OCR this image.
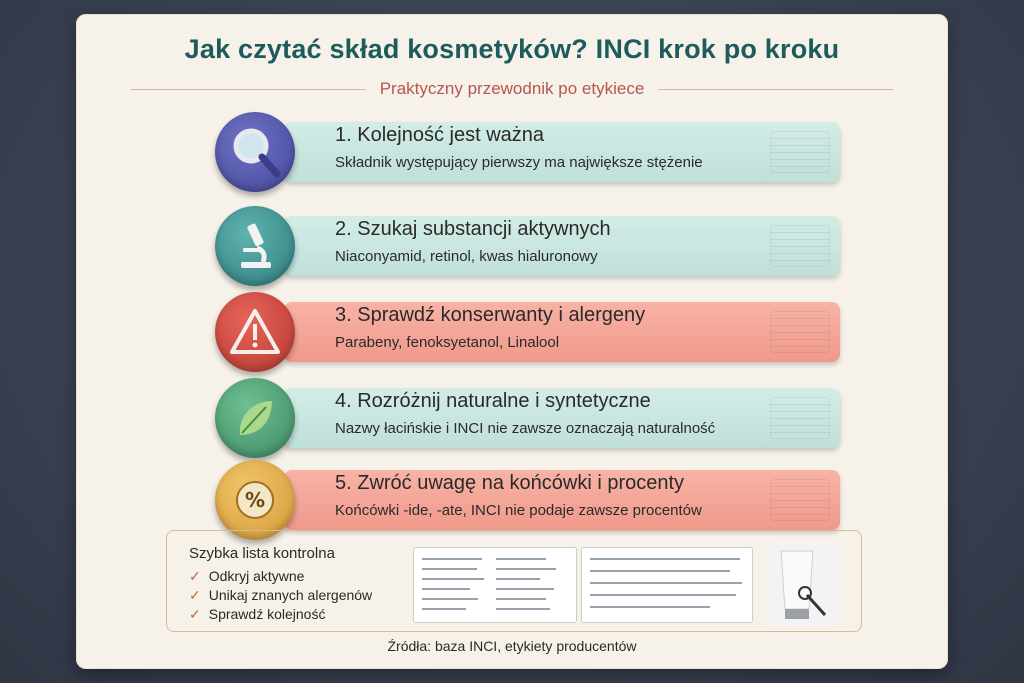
Jak czytać skład kosmetyków? INCI krok po kroku
Praktyczny przewodnik po etykiece
1. Kolejność jest ważna
Składnik występujący pierwszy ma największe stężenie
2. Szukaj substancji aktywnych
Niaconyamid, retinol, kwas hialuronowy
3. Sprawdź konserwanty i alergeny
Parabeny, fenoksyetanol, Linalool
4. Rozróżnij naturalne i syntetyczne
Nazwy łacińskie i INCI nie zawsze oznaczają naturalność
%
5. Zwróć uwagę na końcówki i procenty
Końcówki -ide, -ate, INCI nie podaje zawsze procentów
Szybka lista kontrolna
✓ Odkryj aktywne
✓ Unikaj znanych alergenów
✓ Sprawdź kolejność
Źródła: baza INCI, etykiety producentów
